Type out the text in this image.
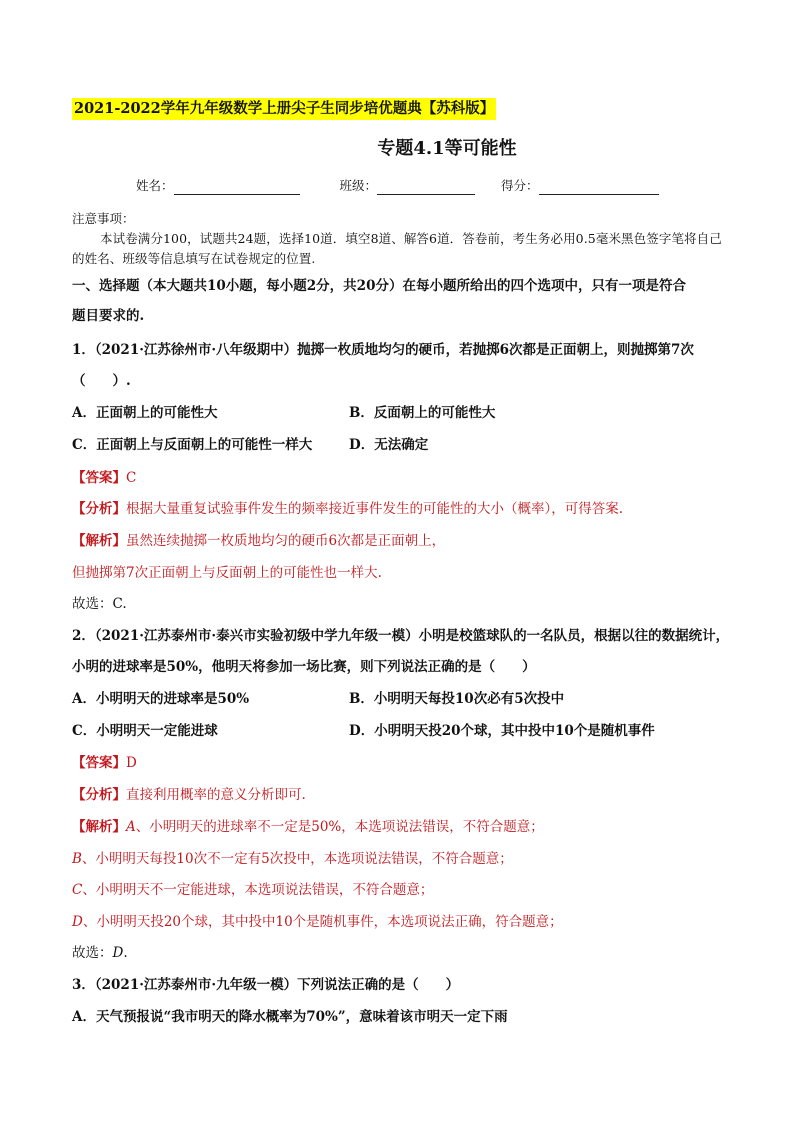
2021-2022学年九年级数学上册尖子生同步培优题典【苏科版】
专题4.1等可能性
姓名：	班级：	得分：
注意事项：
本试卷满分100，试题共24题，选择10道．填空8道、解答6道．答卷前，考生务必用0.5毫米黑色签字笔将自己的姓名、班级等信息填写在试卷规定的位置.
一、选择题（本大题共10小题，每小题2分，共20分）在每小题所给出的四个选项中，只有一项是符合
题目要求的.
1．（2021·江苏徐州市·八年级期中）抛掷一枚质地均匀的硬币，若抛掷6次都是正面朝上，则抛掷第7次
（　　）.
A．正面朝上的可能性大	B．反面朝上的可能性大
C．正面朝上与反面朝上的可能性一样大	D．无法确定
【答案】C
【分析】根据大量重复试验事件发生的频率接近事件发生的可能性的大小（概率），可得答案.
【解析】虽然连续抛掷一枚质地均匀的硬币6次都是正面朝上，
但抛掷第7次正面朝上与反面朝上的可能性也一样大.
故选：C.
2．（2021·江苏泰州市·泰兴市实验初级中学九年级一模）小明是校篮球队的一名队员，根据以往的数据统计，
小明的进球率是50%，他明天将参加一场比赛，则下列说法正确的是（　　）
A．小明明天的进球率是50%	B．小明明天每投10次必有5次投中
C．小明明天一定能进球	D．小明明天投20个球，其中投中10个是随机事件
【答案】D
【分析】直接利用概率的意义分析即可.
【解析】A、小明明天的进球率不一定是50%，本选项说法错误，不符合题意；
B、小明明天每投10次不一定有5次投中，本选项说法错误，不符合题意；
C、小明明天不一定能进球，本选项说法错误，不符合题意；
D、小明明天投20个球，其中投中10个是随机事件，本选项说法正确，符合题意；
故选：D.
3．（2021·江苏泰州市·九年级一模）下列说法正确的是（　　）
A．天气预报说“我市明天的降水概率为70%”，意味着该市明天一定下雨
